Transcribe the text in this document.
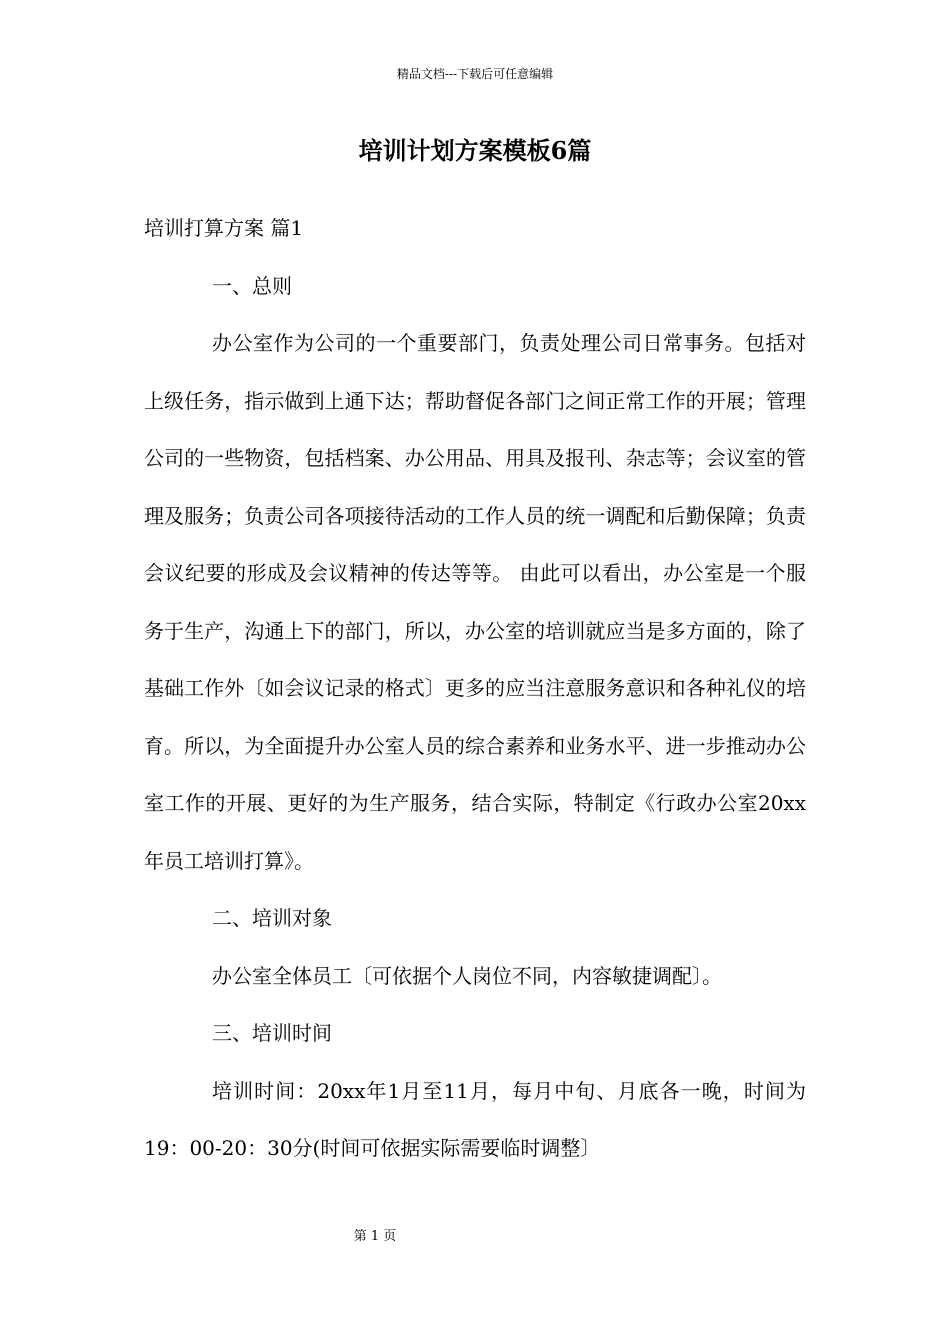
精品文档---下载后可任意编辑
培训计划方案模板6篇

培训打算方案 篇1

一、总则

办公室作为公司的一个重要部门，负责处理公司日常事务。包括对上级任务，指示做到上通下达；帮助督促各部门之间正常工作的开展；管理公司的一些物资，包括档案、办公用品、用具及报刊、杂志等；会议室的管理及服务；负责公司各项接待活动的工作人员的统一调配和后勤保障；负责会议纪要的形成及会议精神的传达等等。 由此可以看出，办公室是一个服务于生产，沟通上下的部门，所以，办公室的培训就应当是多方面的，除了基础工作外〔如会议记录的格式〕更多的应当注意服务意识和各种礼仪的培育。所以，为全面提升办公室人员的综合素养和业务水平、进一步推动办公室工作的开展、更好的为生产服务，结合实际，特制定《行政办公室20xx年员工培训打算》。

二、培训对象

办公室全体员工〔可依据个人岗位不同，内容敏捷调配〕。

三、培训时间

培训时间：20xx年1月至11月，每月中旬、月底各一晚，时间为19：00-20：30分(时间可依据实际需要临时调整〕

第 1 页
